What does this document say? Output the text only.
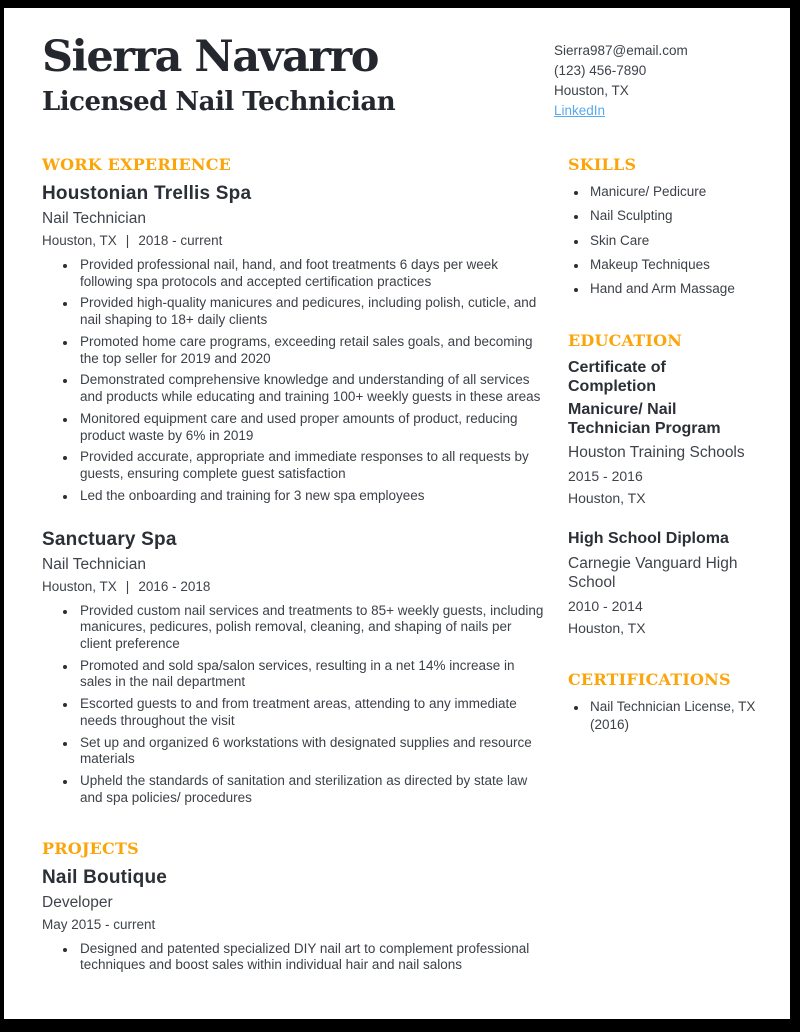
Sierra Navarro
Licensed Nail Technician
Sierra987@email.com
(123) 456-7890
Houston, TX
LinkedIn
WORK EXPERIENCE
Houstonian Trellis Spa
Nail Technician
Houston, TX | 2018 - current
• Provided professional nail, hand, and foot treatments 6 days per week following spa protocols and accepted certification practices
• Provided high-quality manicures and pedicures, including polish, cuticle, and nail shaping to 18+ daily clients
• Promoted home care programs, exceeding retail sales goals, and becoming the top seller for 2019 and 2020
• Demonstrated comprehensive knowledge and understanding of all services and products while educating and training 100+ weekly guests in these areas
• Monitored equipment care and used proper amounts of product, reducing product waste by 6% in 2019
• Provided accurate, appropriate and immediate responses to all requests by guests, ensuring complete guest satisfaction
• Led the onboarding and training for 3 new spa employees
Sanctuary Spa
Nail Technician
Houston, TX | 2016 - 2018
• Provided custom nail services and treatments to 85+ weekly guests, including manicures, pedicures, polish removal, cleaning, and shaping of nails per client preference
• Promoted and sold spa/salon services, resulting in a net 14% increase in sales in the nail department
• Escorted guests to and from treatment areas, attending to any immediate needs throughout the visit
• Set up and organized 6 workstations with designated supplies and resource materials
• Upheld the standards of sanitation and sterilization as directed by state law and spa policies/ procedures
PROJECTS
Nail Boutique
Developer
May 2015 - current
• Designed and patented specialized DIY nail art to complement professional techniques and boost sales within individual hair and nail salons
SKILLS
• Manicure/ Pedicure
• Nail Sculpting
• Skin Care
• Makeup Techniques
• Hand and Arm Massage
EDUCATION
Certificate of Completion
Manicure/ Nail Technician Program
Houston Training Schools
2015 - 2016
Houston, TX
High School Diploma
Carnegie Vanguard High School
2010 - 2014
Houston, TX
CERTIFICATIONS
• Nail Technician License, TX (2016)
